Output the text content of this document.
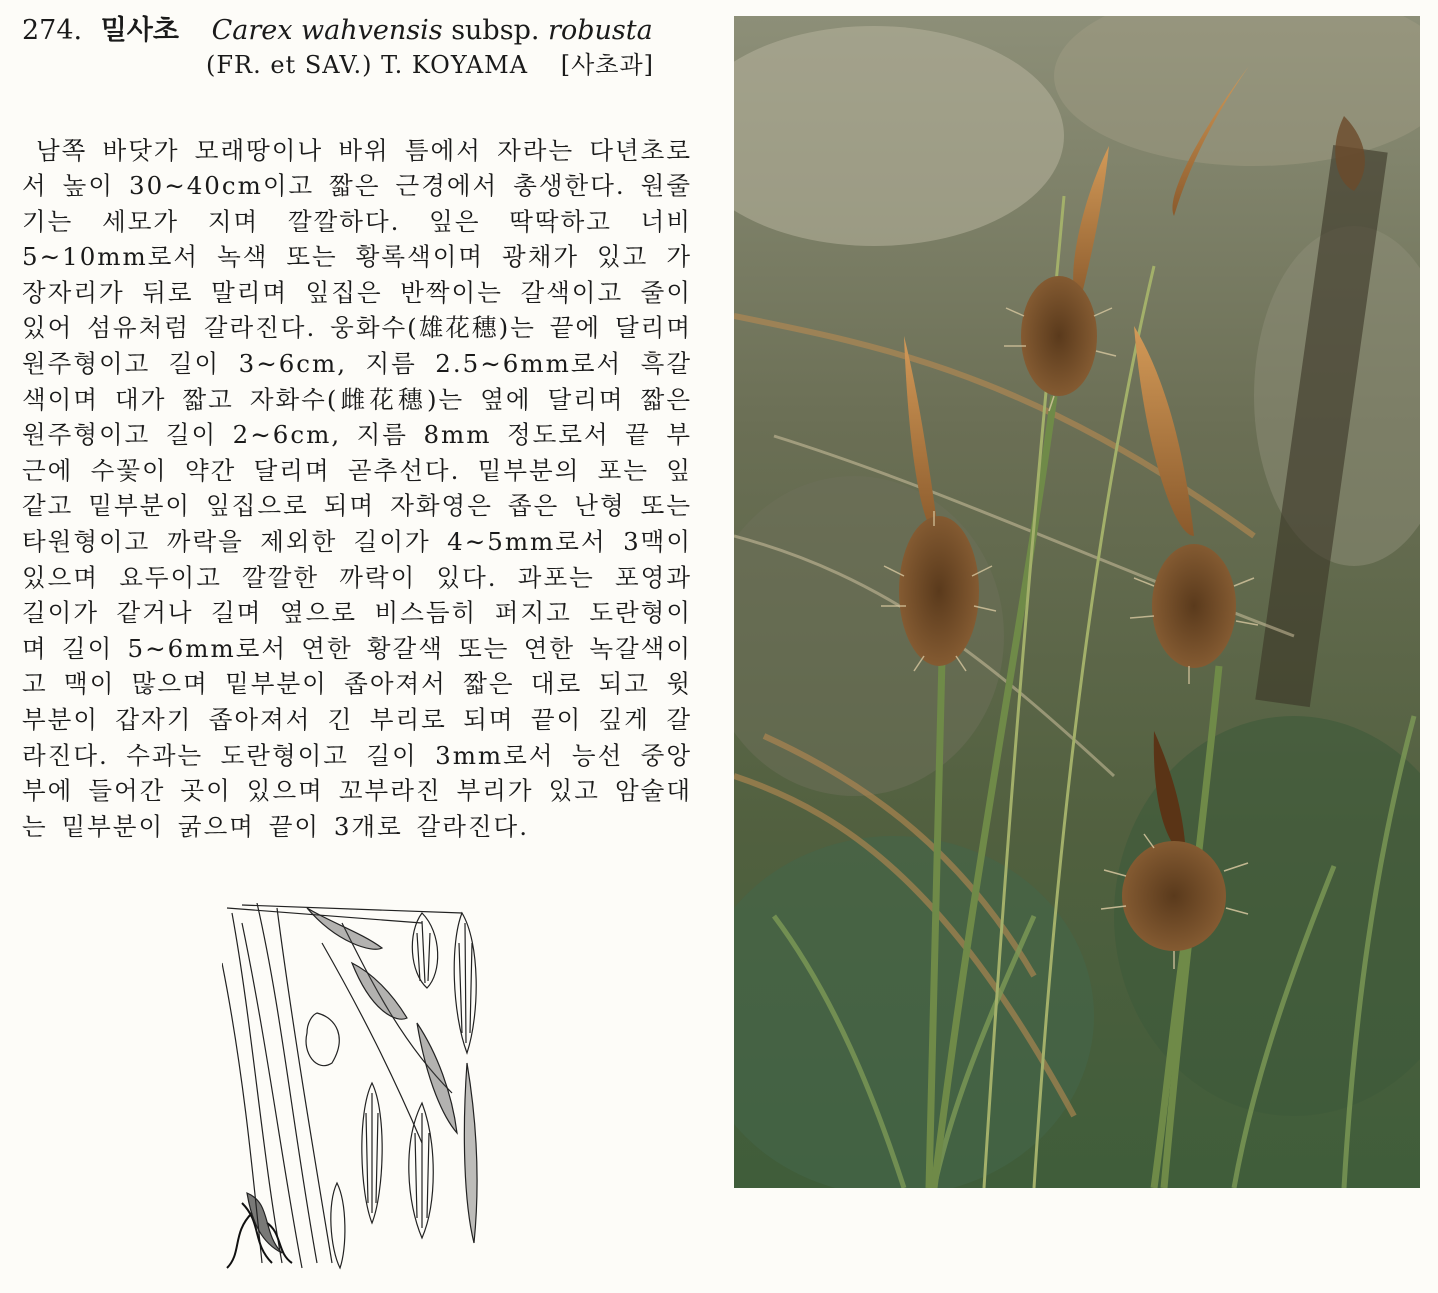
274. 밀사초 Carex wahvensis subsp. robusta
(FR. et SAV.) T. KOYAMA [사초과]

남쪽 바닷가 모래땅이나 바위 틈에서 자라는 다년초로서 높이 30∼40cm이고 짧은 근경에서 총생한다. 원줄기는 세모가 지며 깔깔하다. 잎은 딱딱하고 너비 5∼10mm로서 녹색 또는 황록색이며 광채가 있고 가장자리가 뒤로 말리며 잎집은 반짝이는 갈색이고 줄이 있어 섬유처럼 갈라진다. 웅화수(雄花穗)는 끝에 달리며 원주형이고 길이 3∼6cm, 지름 2.5∼6mm로서 흑갈색이며 대가 짧고 자화수(雌花穗)는 옆에 달리며 짧은 원주형이고 길이 2∼6cm, 지름 8mm 정도로서 끝 부근에 수꽃이 약간 달리며 곧추선다. 밑부분의 포는 잎 같고 밑부분이 잎집으로 되며 자화영은 좁은 난형 또는 타원형이고 까락을 제외한 길이가 4∼5mm로서 3맥이 있으며 요두이고 깔깔한 까락이 있다. 과포는 포영과 길이가 같거나 길며 옆으로 비스듬히 퍼지고 도란형이며 길이 5∼6mm로서 연한 황갈색 또는 연한 녹갈색이고 맥이 많으며 밑부분이 좁아져서 짧은 대로 되고 윗부분이 갑자기 좁아져서 긴 부리로 되며 끝이 깊게 갈라진다. 수과는 도란형이고 길이 3mm로서 능선 중앙부에 들어간 곳이 있으며 꼬부라진 부리가 있고 암술대는 밑부분이 굵으며 끝이 3개로 갈라진다.
